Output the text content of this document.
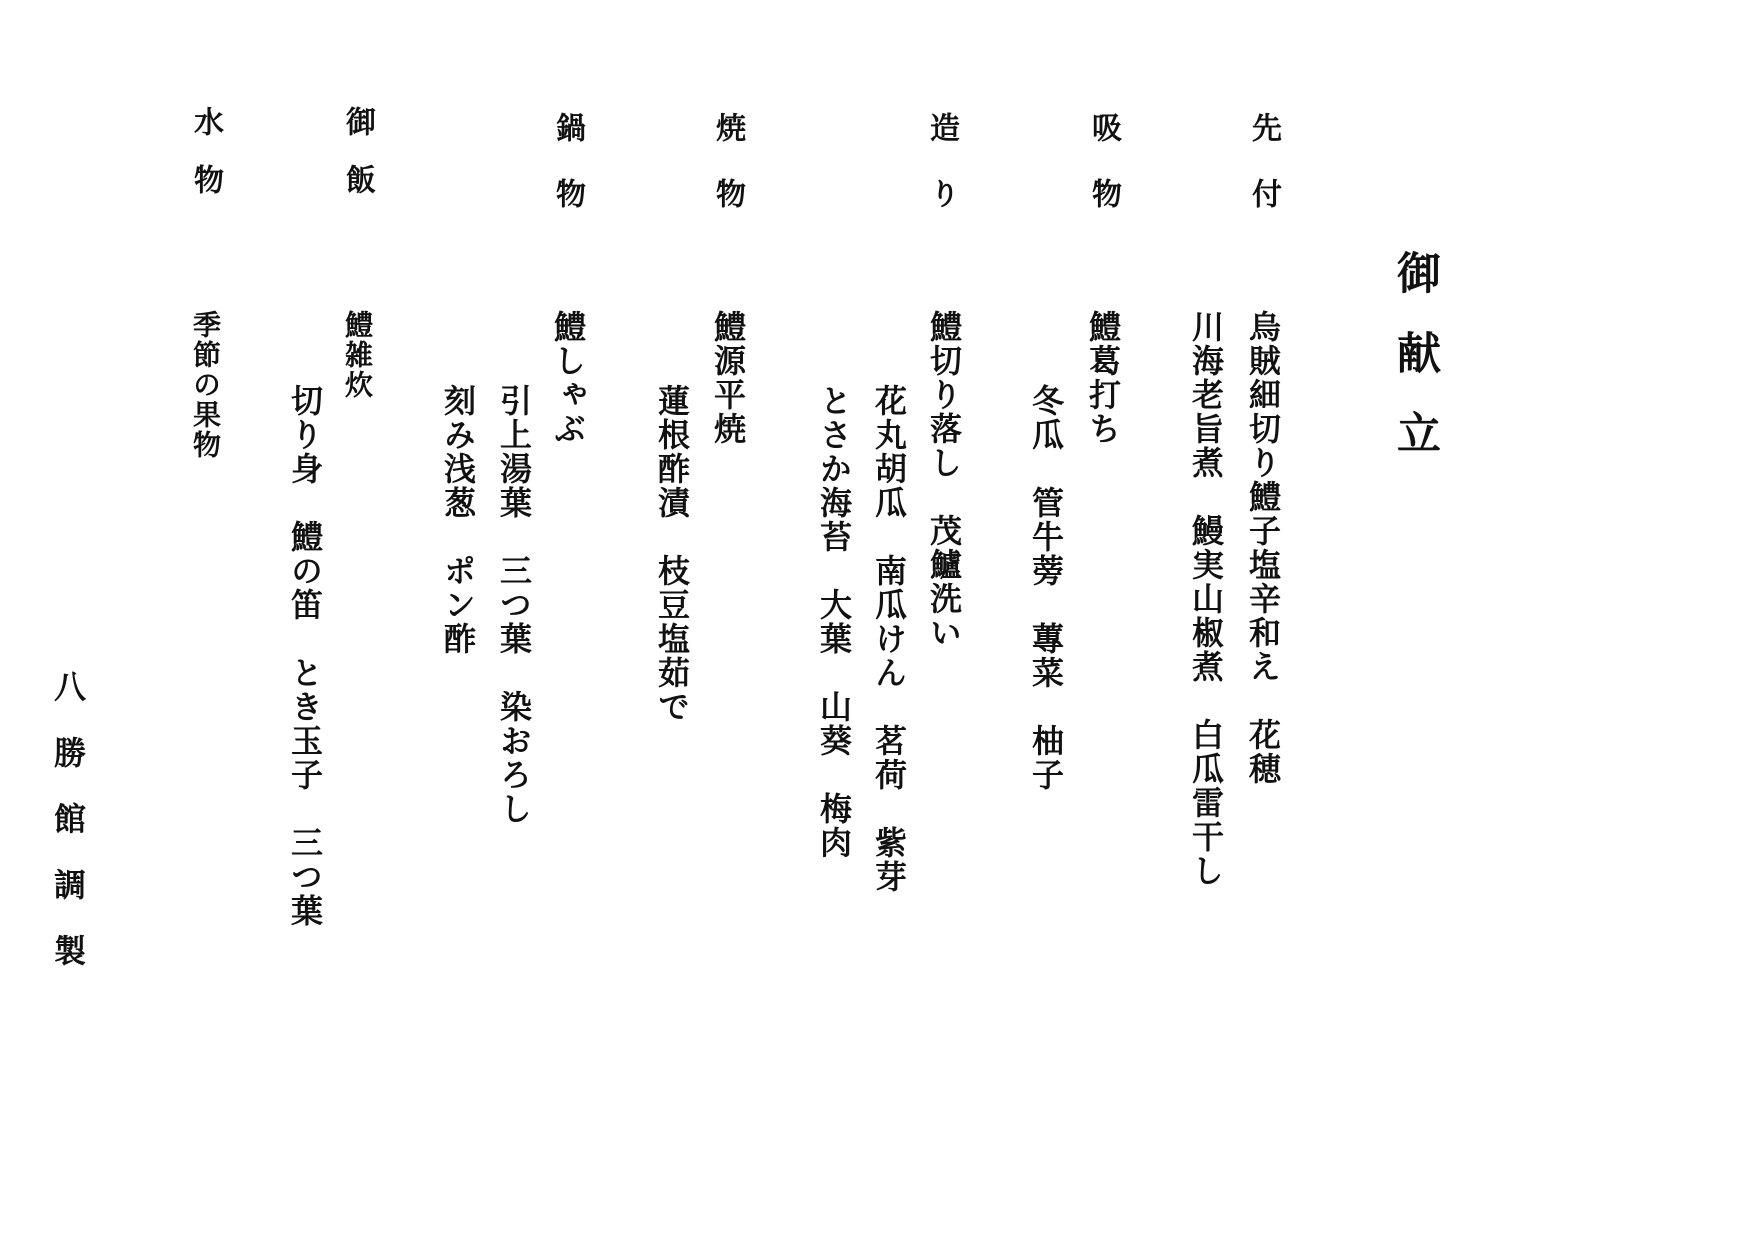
御献立
先付
烏賊細切り鱧子塩辛和え　花穂
川海老旨煮　鰻実山椒煮　白瓜雷干し
吸物
鱧葛打ち
冬瓜　管牛蒡　蓴菜　柚子
造り
鱧切り落し　茂鱸洗い
花丸胡瓜　南瓜けん　茗荷　紫芽
とさか海苔　大葉　山葵　梅肉
焼物
鱧源平焼
蓮根酢漬　枝豆塩茹で
鍋物
鱧しゃぶ
引上湯葉　三つ葉　染おろし
刻み浅葱　ポン酢
御飯
鱧雑炊
切り身　鱧の笛　とき玉子　三つ葉
水物
季節の果物
八勝館調製
